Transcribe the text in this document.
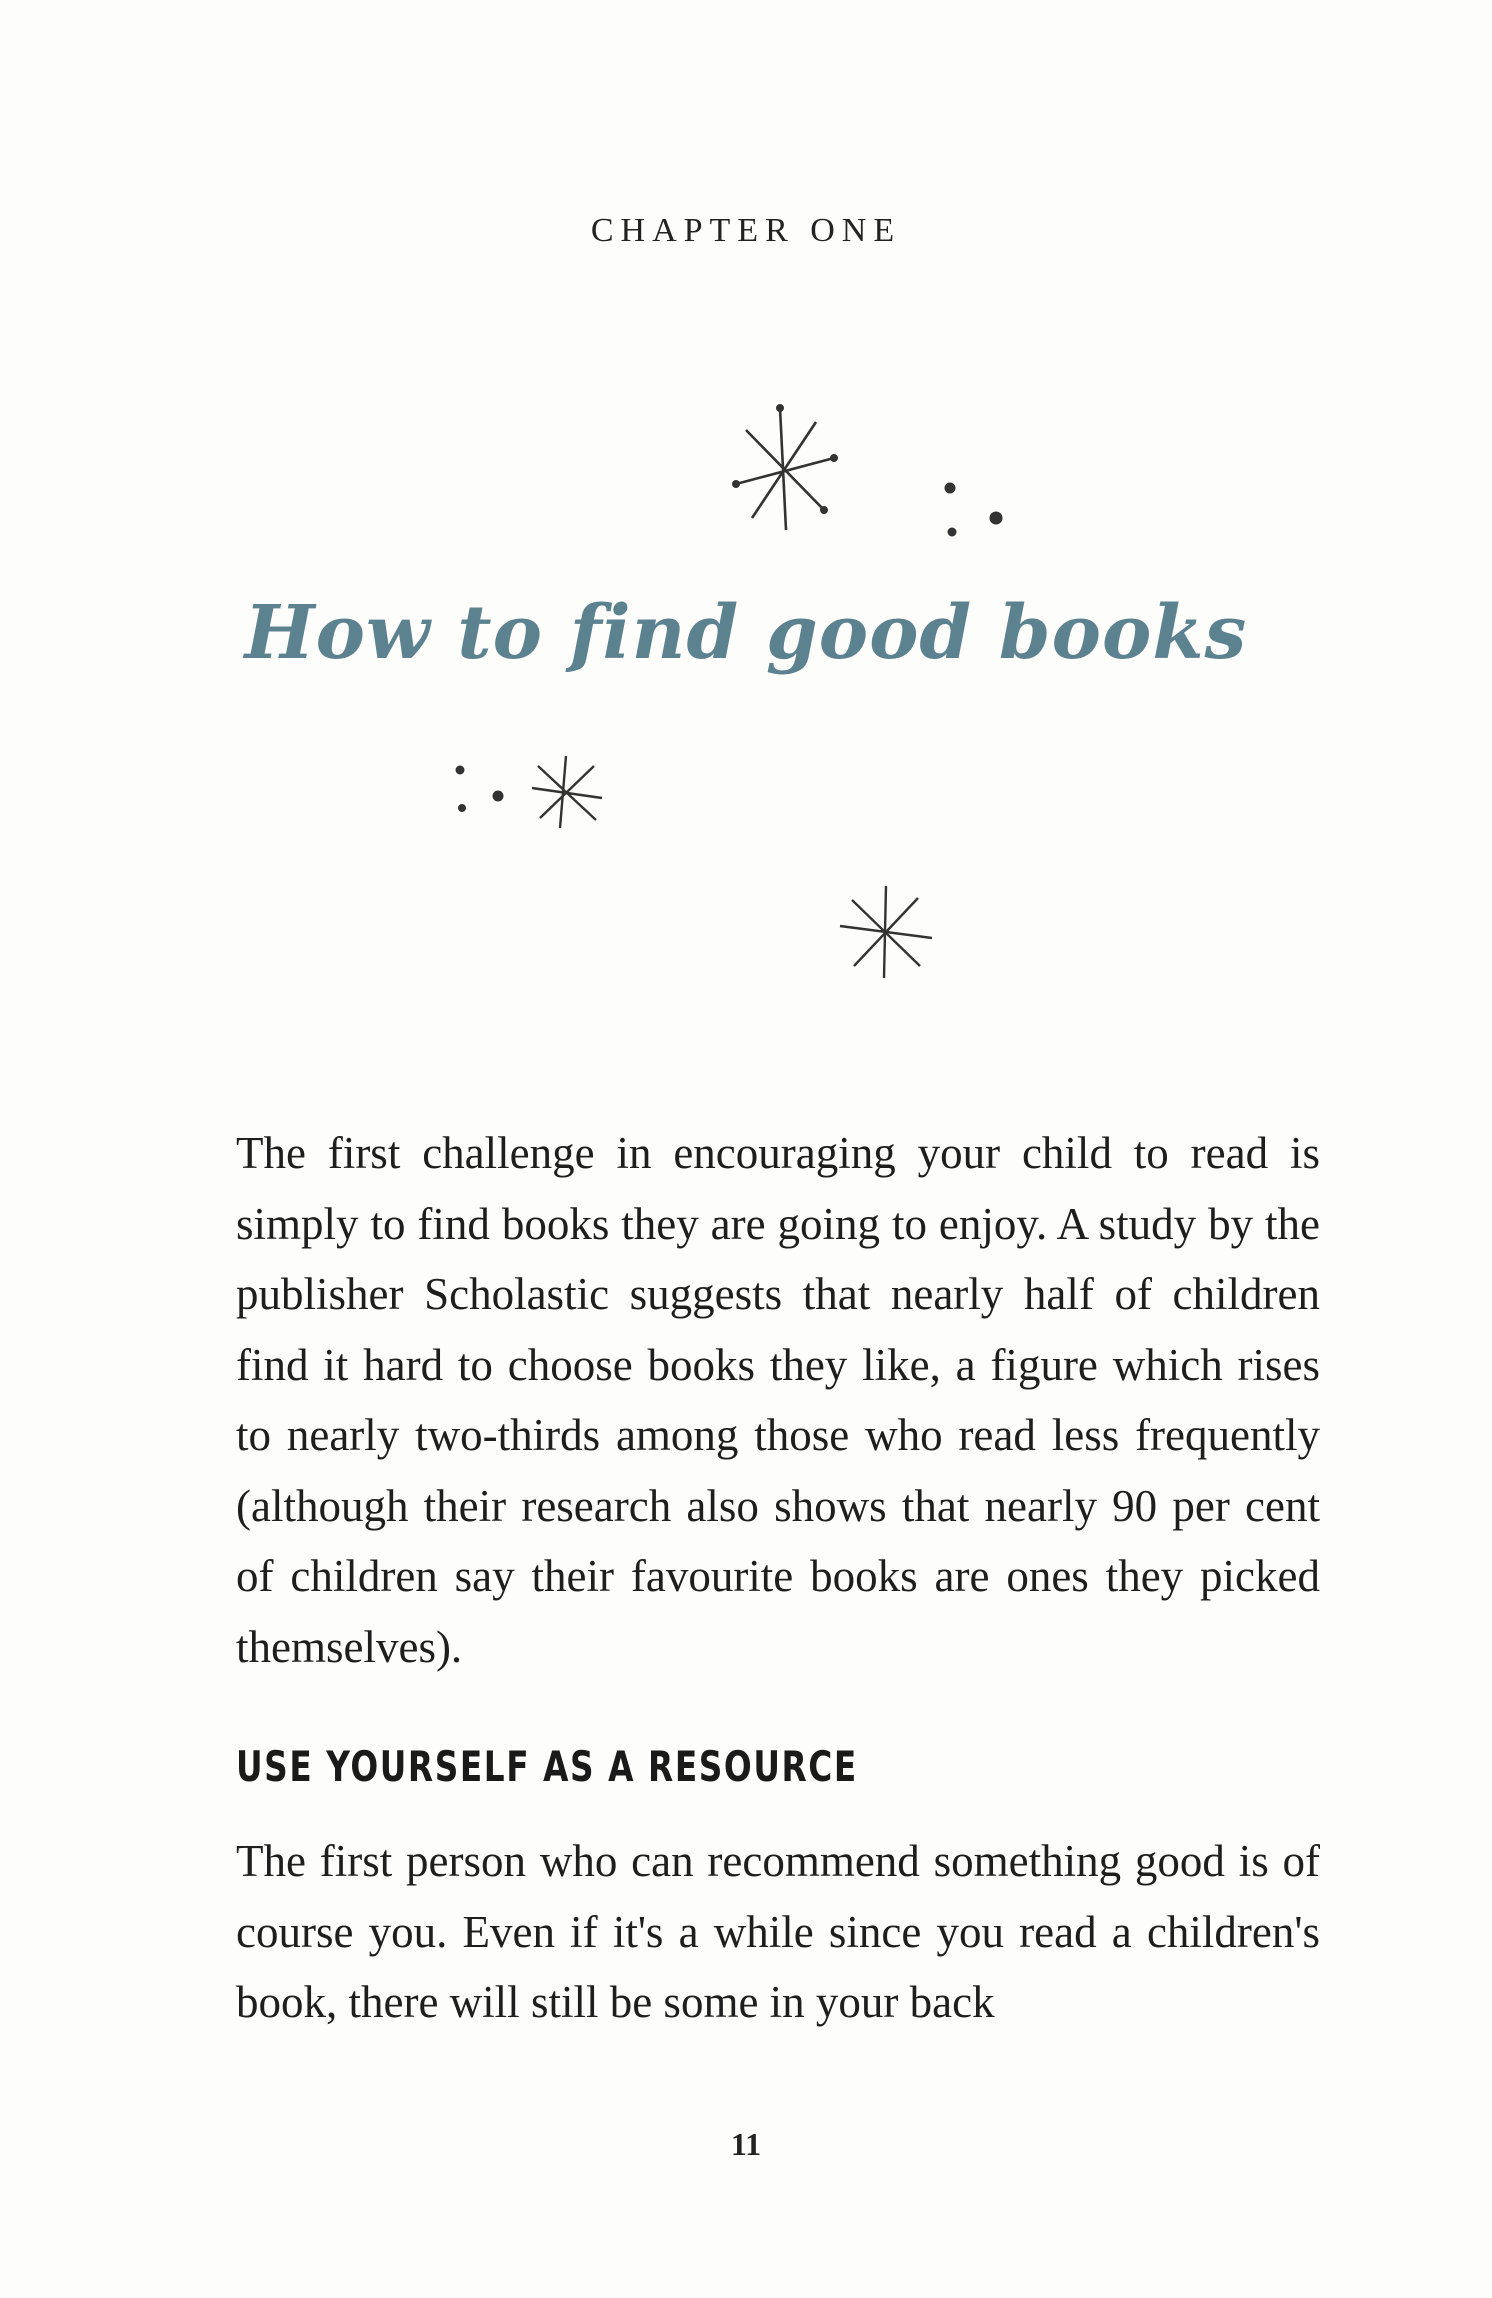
CHAPTER ONE
How to find good books

The first challenge in encouraging your child to read is simply to find books they are going to enjoy. A study by the publisher Scholastic suggests that nearly half of children find it hard to choose books they like, a figure which rises to nearly two-thirds among those who read less frequently (although their research also shows that nearly 90 per cent of children say their favourite books are ones they picked themselves).

USE YOURSELF AS A RESOURCE

The first person who can recommend something good is of course you. Even if it's a while since you read a children's book, there will still be some in your back

11
